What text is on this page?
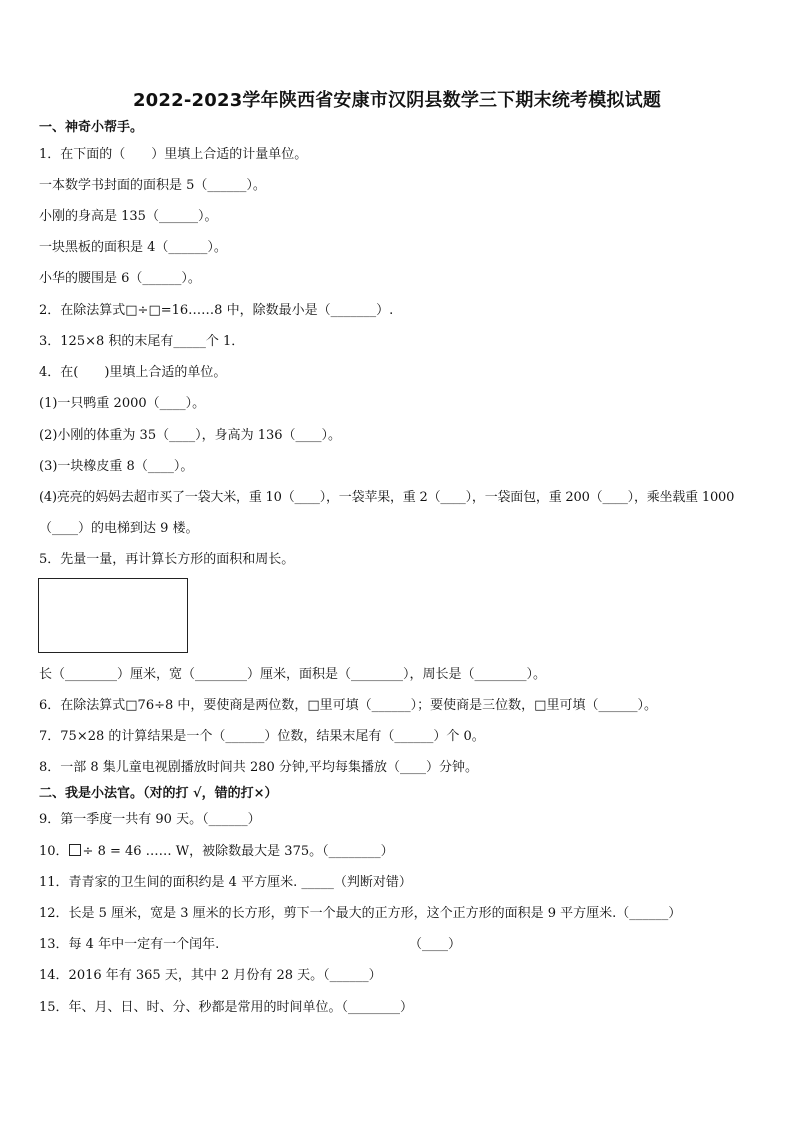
2022-2023学年陕西省安康市汉阴县数学三下期末统考模拟试题
一、神奇小帮手。
1．在下面的（　　）里填上合适的计量单位。
一本数学书封面的面积是 5（______）。
小刚的身高是 135（______）。
一块黑板的面积是 4（______）。
小华的腰围是 6（______）。
2．在除法算式□÷□=16……8 中，除数最小是（_______）.
3．125×8 积的末尾有_____个 1．
4．在(　　)里填上合适的单位。
(1)一只鸭重 2000（____）。
(2)小刚的体重为 35（____），身高为 136（____）。
(3)一块橡皮重 8（____）。
(4)亮亮的妈妈去超市买了一袋大米，重 10（____），一袋苹果，重 2（____），一袋面包，重 200（____），乘坐载重 1000
（____）的电梯到达 9 楼。
5．先量一量，再计算长方形的面积和周长。
长（________）厘米，宽（________）厘米，面积是（________），周长是（________）。
6．在除法算式□76÷8 中，要使商是两位数，□里可填（______）；要使商是三位数，□里可填（______）。
7．75×28 的计算结果是一个（______）位数，结果末尾有（______）个 0。
8．一部 8 集儿童电视剧播放时间共 280 分钟,平均每集播放（____）分钟。
二、我是小法官。（对的打 √，错的打×）
9．第一季度一共有 90 天。（______）
10． ÷ 8 = 46 …… W，被除数最大是 375。（________）
11．青青家的卫生间的面积约是 4 平方厘米. _____（判断对错）
12．长是 5 厘米，宽是 3 厘米的长方形，剪下一个最大的正方形，这个正方形的面积是 9 平方厘米.（______）
13．每 4 年中一定有一个闰年.	（____）
14．2016 年有 365 天，其中 2 月份有 28 天。（______）
15．年、月、日、时、分、秒都是常用的时间单位。（________）
